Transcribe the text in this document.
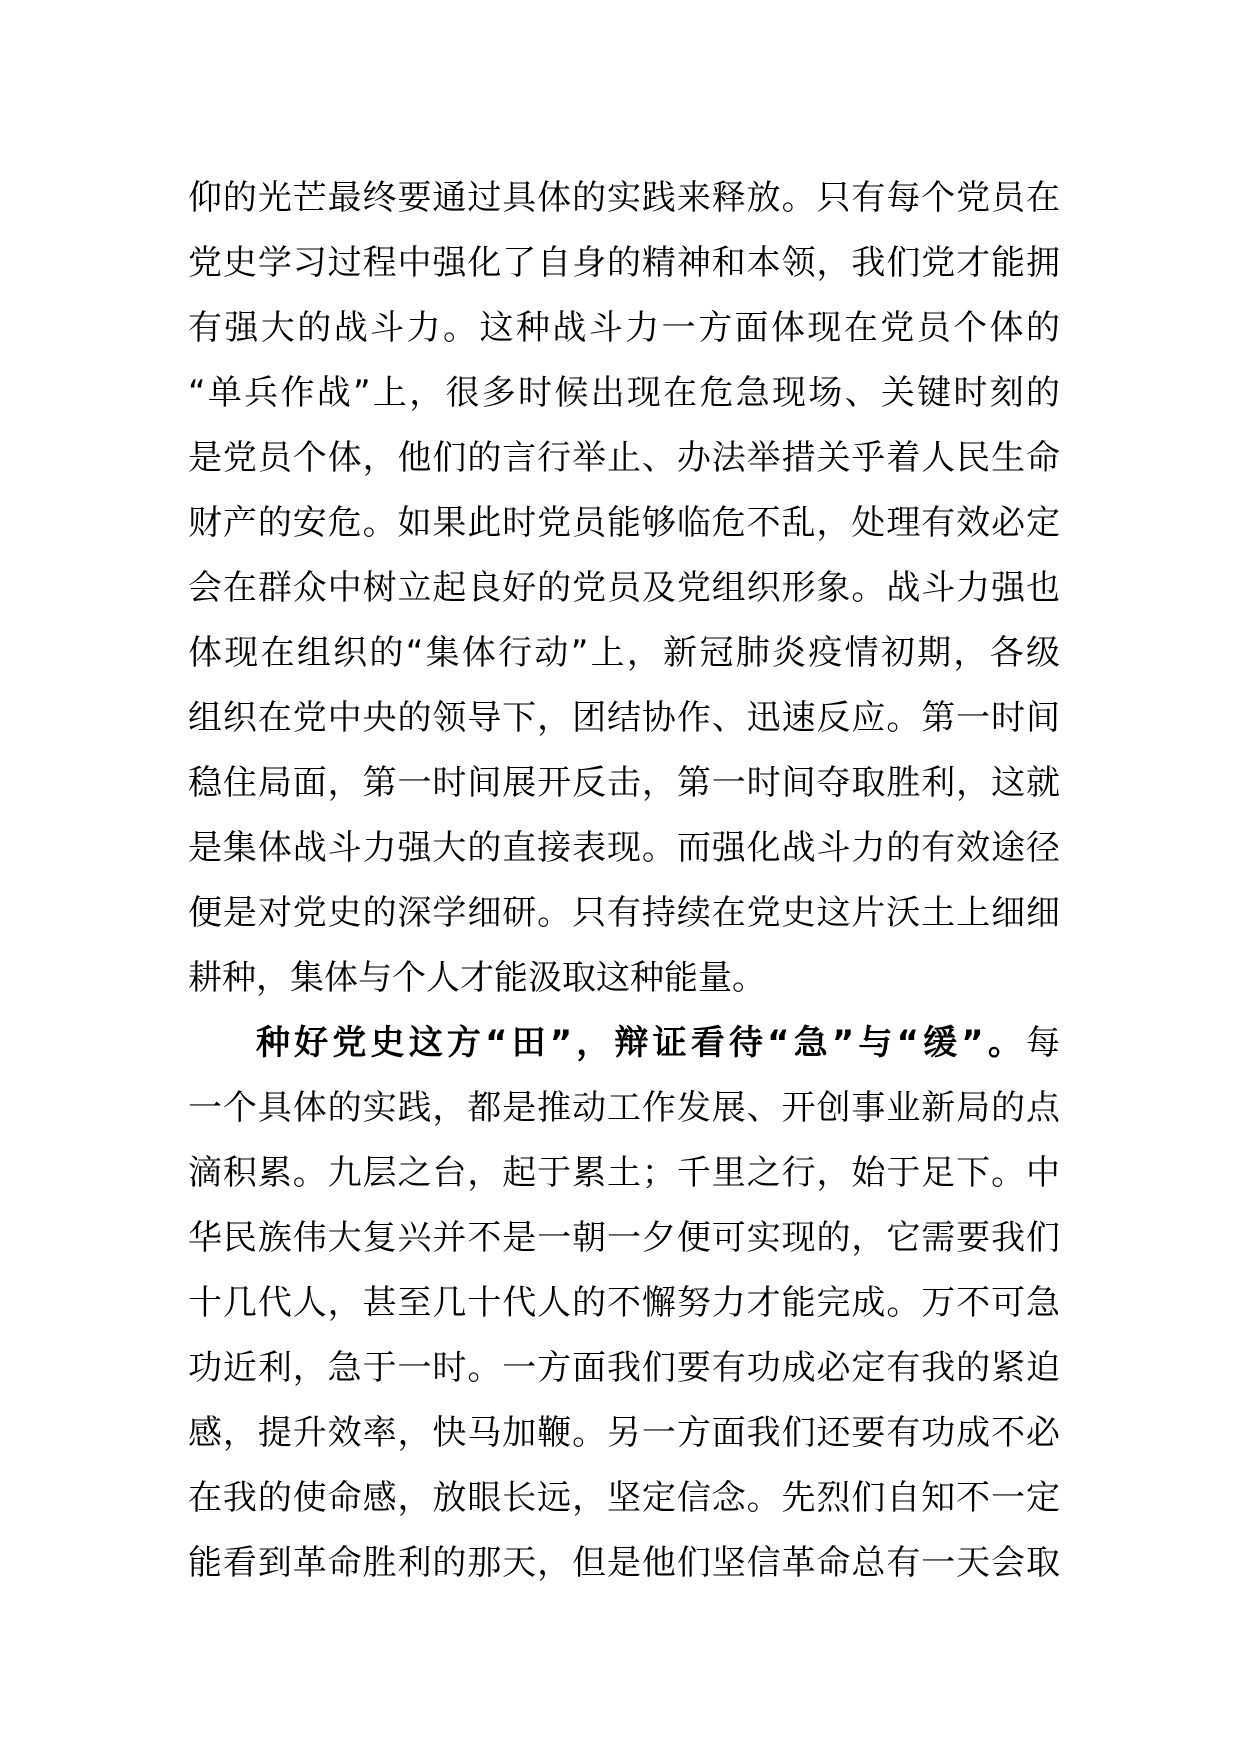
仰的光芒最终要通过具体的实践来释放。只有每个党员在
党史学习过程中强化了自身的精神和本领，我们党才能拥
有强大的战斗力。这种战斗力一方面体现在党员个体的
“单兵作战”上，很多时候出现在危急现场、关键时刻的
是党员个体，他们的言行举止、办法举措关乎着人民生命
财产的安危。如果此时党员能够临危不乱，处理有效必定
会在群众中树立起良好的党员及党组织形象。战斗力强也
体现在组织的“集体行动”上，新冠肺炎疫情初期，各级
组织在党中央的领导下，团结协作、迅速反应。第一时间
稳住局面，第一时间展开反击，第一时间夺取胜利，这就
是集体战斗力强大的直接表现。而强化战斗力的有效途径
便是对党史的深学细研。只有持续在党史这片沃土上细细
耕种，集体与个人才能汲取这种能量。
种好党史这方“田”，辩证看待“急”与“缓”。每
一个具体的实践，都是推动工作发展、开创事业新局的点
滴积累。九层之台，起于累土；千里之行，始于足下。中
华民族伟大复兴并不是一朝一夕便可实现的，它需要我们
十几代人，甚至几十代人的不懈努力才能完成。万不可急
功近利，急于一时。一方面我们要有功成必定有我的紧迫
感，提升效率，快马加鞭。另一方面我们还要有功成不必
在我的使命感，放眼长远，坚定信念。先烈们自知不一定
能看到革命胜利的那天，但是他们坚信革命总有一天会取
